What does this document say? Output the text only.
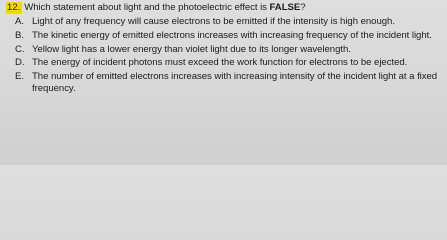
12. Which statement about light and the photoelectric effect is FALSE?
A. Light of any frequency will cause electrons to be emitted if the intensity is high enough.
B. The kinetic energy of emitted electrons increases with increasing frequency of the incident light.
C. Yellow light has a lower energy than violet light due to its longer wavelength.
D. The energy of incident photons must exceed the work function for electrons to be ejected.
E. The number of emitted electrons increases with increasing intensity of the incident light at a fixed frequency.
